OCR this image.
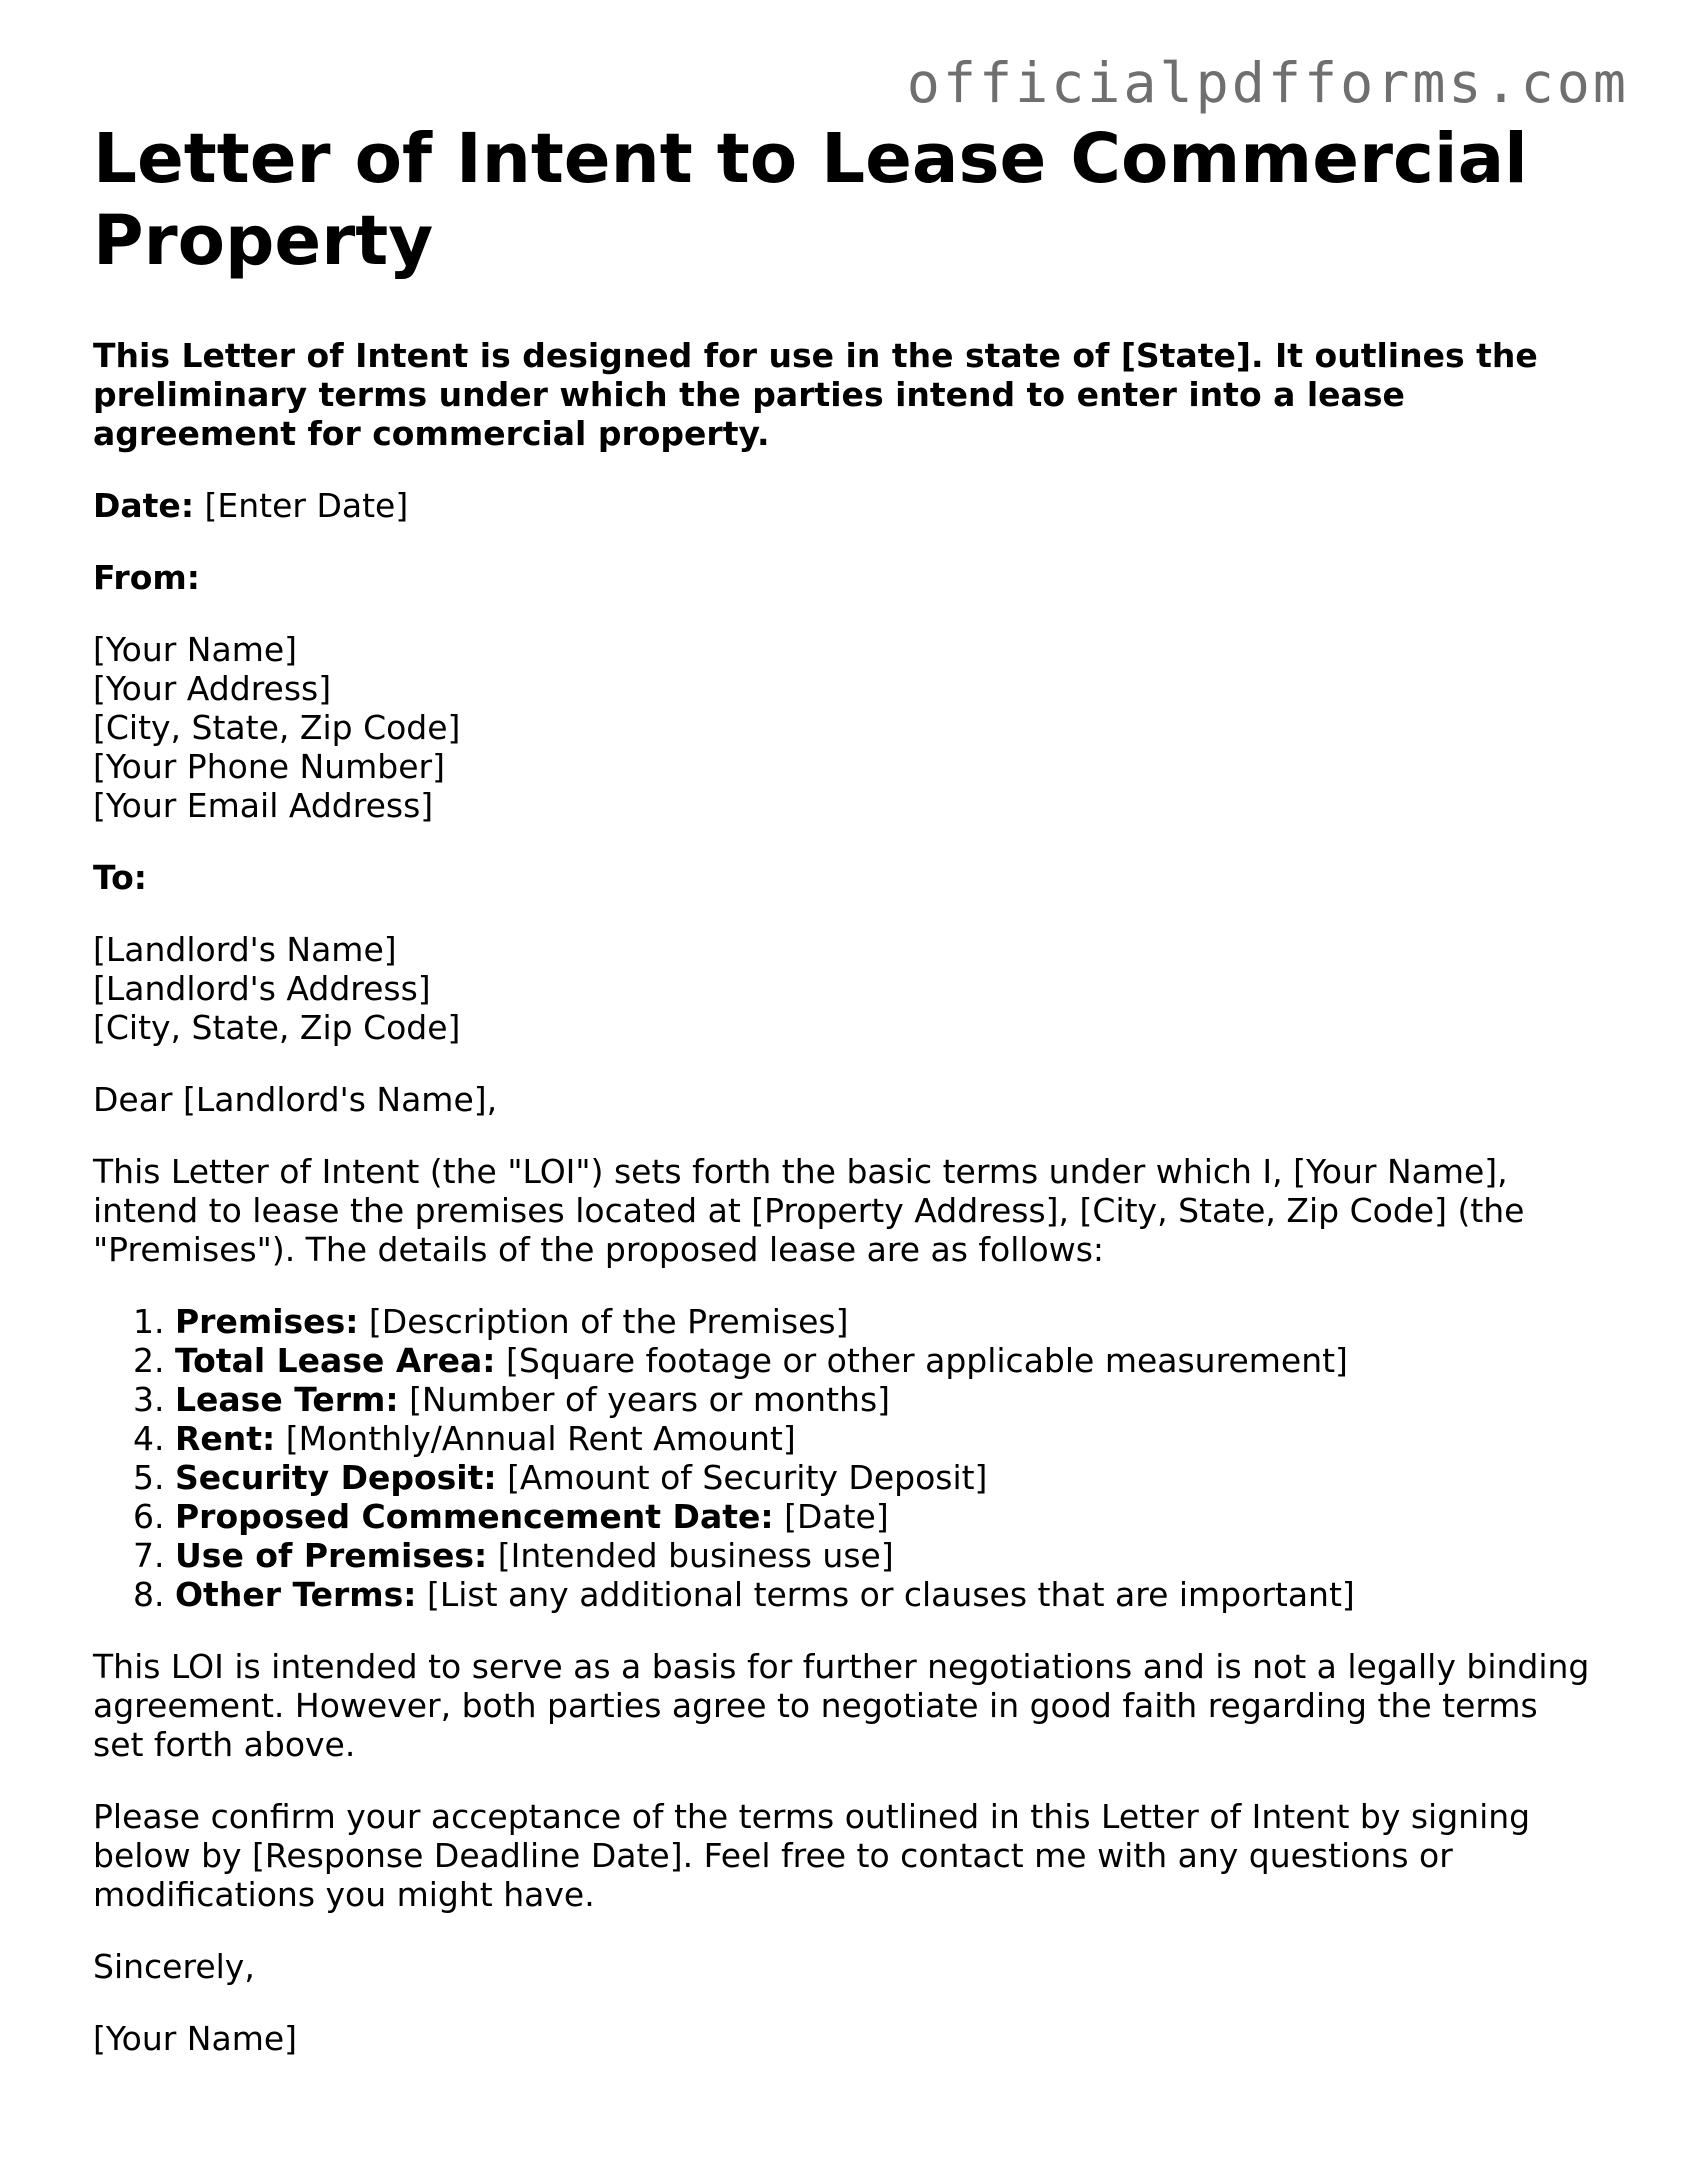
officialpdfforms.com
Letter of Intent to Lease Commercial Property

This Letter of Intent is designed for use in the state of [State]. It outlines the preliminary terms under which the parties intend to enter into a lease agreement for commercial property.

Date: [Enter Date]

From:

[Your Name]

[Your Address]

[City, State, Zip Code]

[Your Phone Number]

[Your Email Address]

To:

[Landlord's Name]

[Landlord's Address]

[City, State, Zip Code]

Dear [Landlord's Name],

This Letter of Intent (the "LOI") sets forth the basic terms under which I, [Your Name], intend to lease the premises located at [Property Address], [City, State, Zip Code] (the "Premises"). The details of the proposed lease are as follows:

1. Premises: [Description of the Premises]
2. Total Lease Area: [Square footage or other applicable measurement]
3. Lease Term: [Number of years or months]
4. Rent: [Monthly/Annual Rent Amount]
5. Security Deposit: [Amount of Security Deposit]
6. Proposed Commencement Date: [Date]
7. Use of Premises: [Intended business use]
8. Other Terms: [List any additional terms or clauses that are important]

This LOI is intended to serve as a basis for further negotiations and is not a legally binding agreement. However, both parties agree to negotiate in good faith regarding the terms set forth above.

Please confirm your acceptance of the terms outlined in this Letter of Intent by signing below by [Response Deadline Date]. Feel free to contact me with any questions or modifications you might have.

Sincerely,

[Your Name]
